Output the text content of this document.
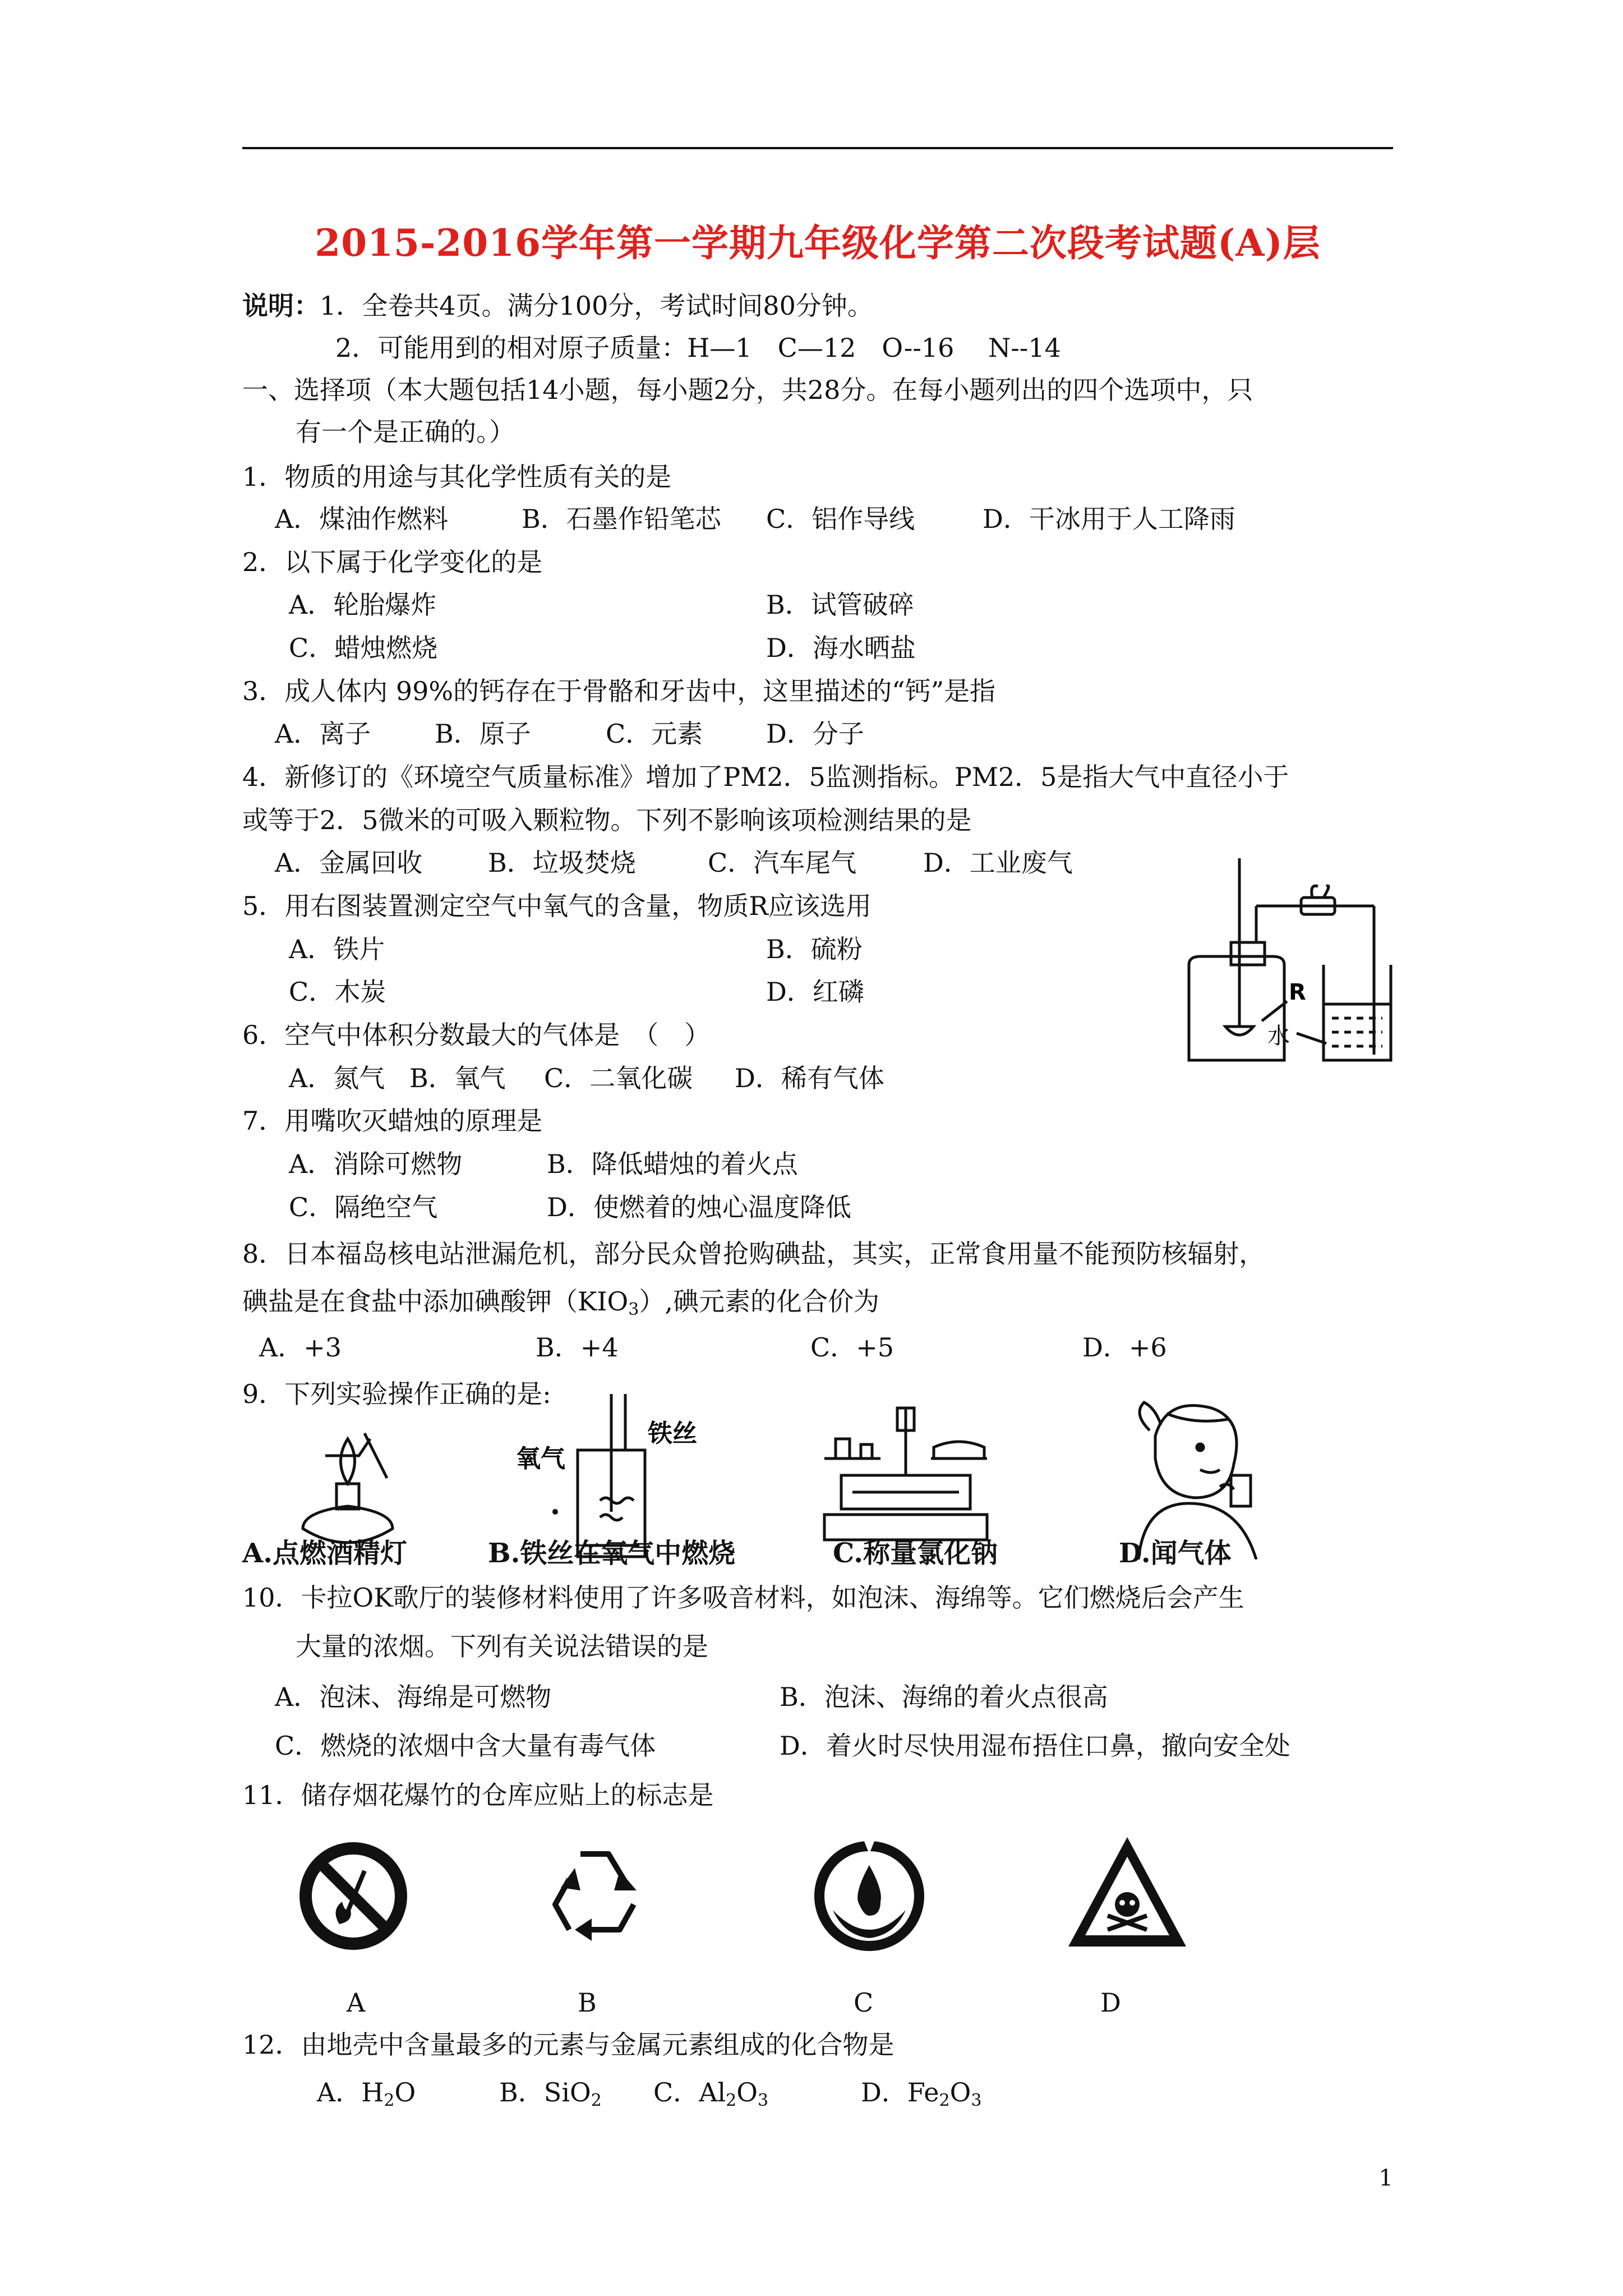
2015-2016学年第一学期九年级化学第二次段考试题(A)层
说明：1．全卷共4页。满分100分，考试时间80分钟。
2．可能用到的相对原子质量：H—1　C—12　O--16　 N--14
一、选择项（本大题包括14小题，每小题2分，共28分。在每小题列出的四个选项中，只
有一个是正确的。）
1．物质的用途与其化学性质有关的是
A．煤油作燃料	B．石墨作铅笔芯 C．铝作导线	D．干冰用于人工降雨
2．以下属于化学变化的是
A．轮胎爆炸	B．试管破碎
C．蜡烛燃烧	D．海水晒盐
3．成人体内 99%的钙存在于骨骼和牙齿中，这里描述的“钙”是指
A．离子 B．原子	C．元素 D．分子
4．新修订的《环境空气质量标准》增加了PM2．5监测指标。PM2．5是指大气中直径小于
或等于2．5微米的可吸入颗粒物。下列不影响该项检测结果的是
A．金属回收	B．垃圾焚烧	C．汽车尾气	D．工业废气
5．用右图装置测定空气中氧气的含量，物质R应该选用
A．铁片	B．硫粉
C．木炭	D．红磷	R
水
6．空气中体积分数最大的气体是　（　）
A．氮气 B．氧气 C．二氧化碳 D．稀有气体
7．用嘴吹灭蜡烛的原理是
A．消除可燃物	B．降低蜡烛的着火点
C．隔绝空气	D．使燃着的烛心温度降低
8．日本福岛核电站泄漏危机，部分民众曾抢购碘盐，其实，正常食用量不能预防核辐射，
碘盐是在食盐中添加碘酸钾$(KIO_3)$,碘元素的化合价为
A．+3	B．+4	C．+5	D．+6
9．下列实验操作正确的是:
氧气
铁丝
A.点燃酒精灯	B.铁丝在氧气中燃烧	C.称量氯化钠	D.闻气体
10．卡拉OK歌厅的装修材料使用了许多吸音材料，如泡沫、海绵等。它们燃烧后会产生
大量的浓烟。下列有关说法错误的是
A．泡沫、海绵是可燃物	B．泡沫、海绵的着火点很高
C．燃烧的浓烟中含大量有毒气体	D．着火时尽快用湿布捂住口鼻，撤向安全处
11．储存烟花爆竹的仓库应贴上的标志是
A	B	C	D
12．由地壳中含量最多的元素与金属元素组成的化合物是
A．$H_2O$	B．SiO$_2$ C．$Al_2O_3$	D．$Fe_2O_3$
1
